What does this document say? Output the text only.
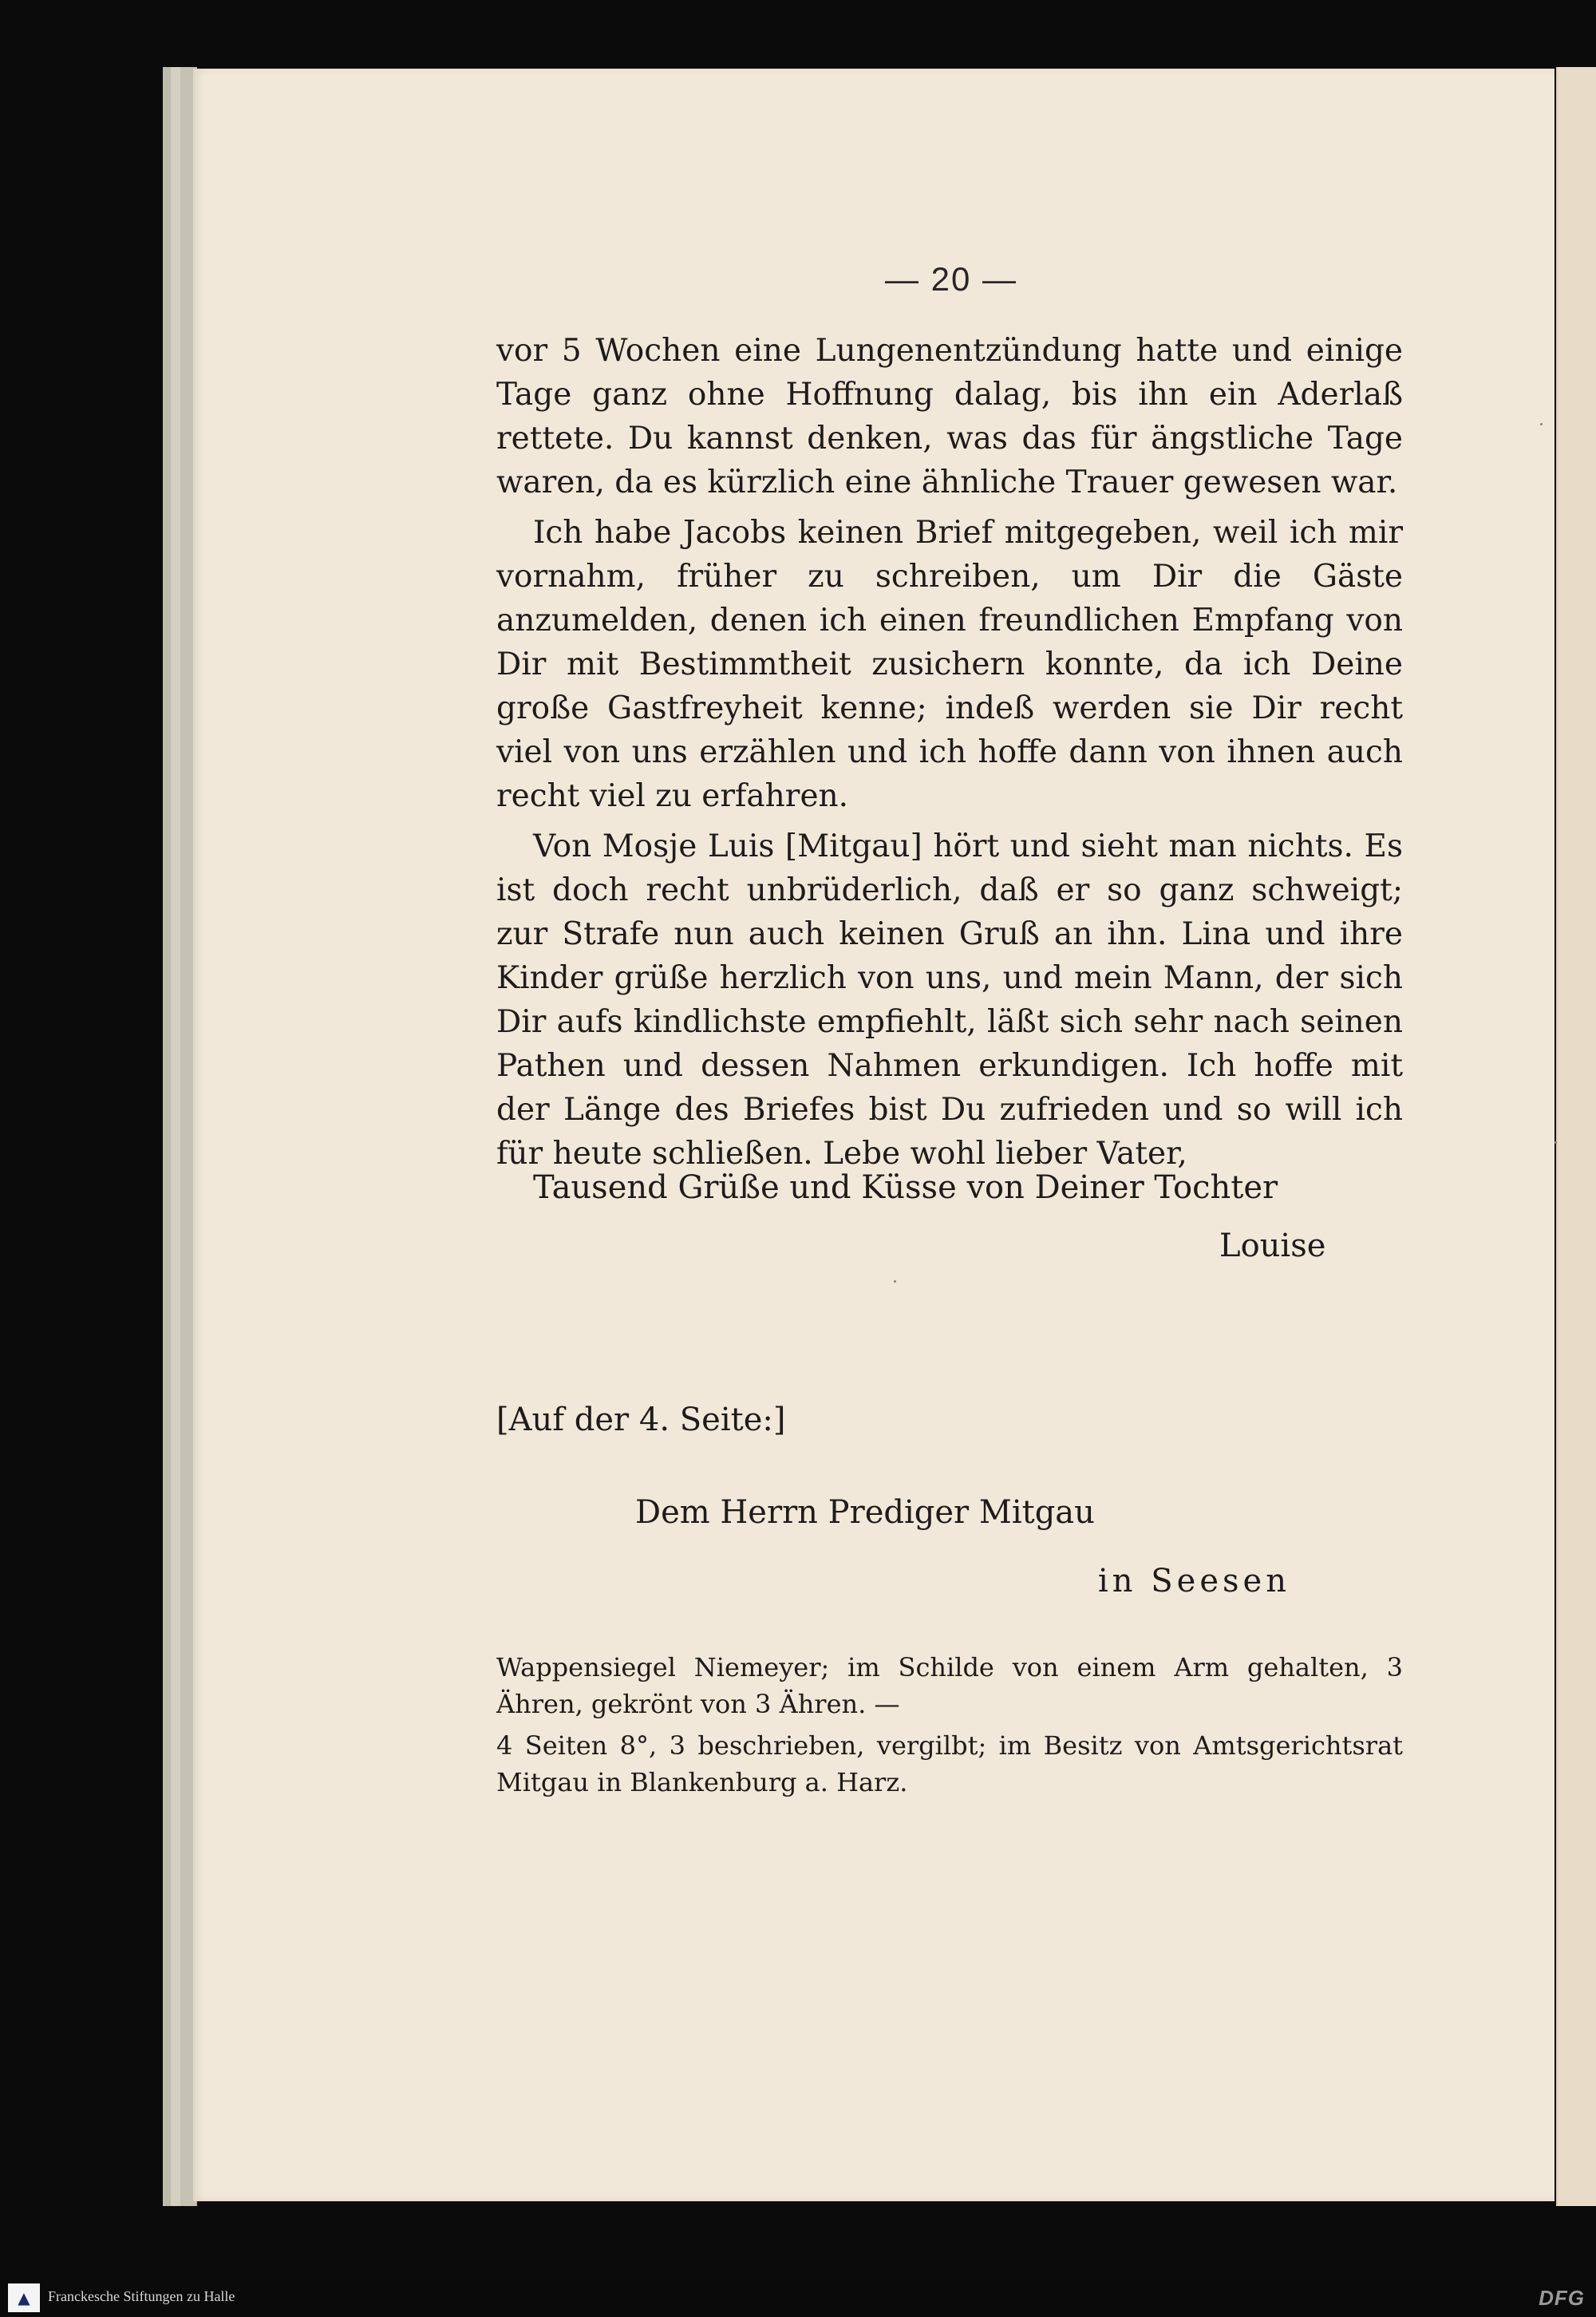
— 20 —

vor 5 Wochen eine Lungenentzündung hatte und einige Tage ganz ohne Hoffnung dalag, bis ihn ein Aderlaß rettete. Du kannst denken, was das für ängstliche Tage waren, da es kürzlich eine ähnliche Trauer gewesen war.

Ich habe Jacobs keinen Brief mitgegeben, weil ich mir vornahm, früher zu schreiben, um Dir die Gäste anzumelden, denen ich einen freundlichen Empfang von Dir mit Bestimmtheit zusichern konnte, da ich Deine große Gastfreyheit kenne; indeß werden sie Dir recht viel von uns erzählen und ich hoffe dann von ihnen auch recht viel zu erfahren.

Von Mosje Luis [Mitgau] hört und sieht man nichts. Es ist doch recht unbrüderlich, daß er so ganz schweigt; zur Strafe nun auch keinen Gruß an ihn. Lina und ihre Kinder grüße herzlich von uns, und mein Mann, der sich Dir aufs kindlichste empfiehlt, läßt sich sehr nach seinen Pathen und dessen Nahmen erkundigen. Ich hoffe mit der Länge des Briefes bist Du zufrieden und so will ich für heute schließen. Lebe wohl lieber Vater,

Tausend Grüße und Küsse von Deiner Tochter
Louise
[Auf der 4. Seite:]
Dem Herrn Prediger Mitgau
in Seesen
Wappensiegel Niemeyer; im Schilde von einem Arm gehalten, 3 Ähren, gekrönt von 3 Ähren. —
4 Seiten 8°, 3 beschrieben, vergilbt; im Besitz von Amtsgerichtsrat Mitgau in Blankenburg a. Harz.
▲	Franckesche Stiftungen zu Halle	DFG
